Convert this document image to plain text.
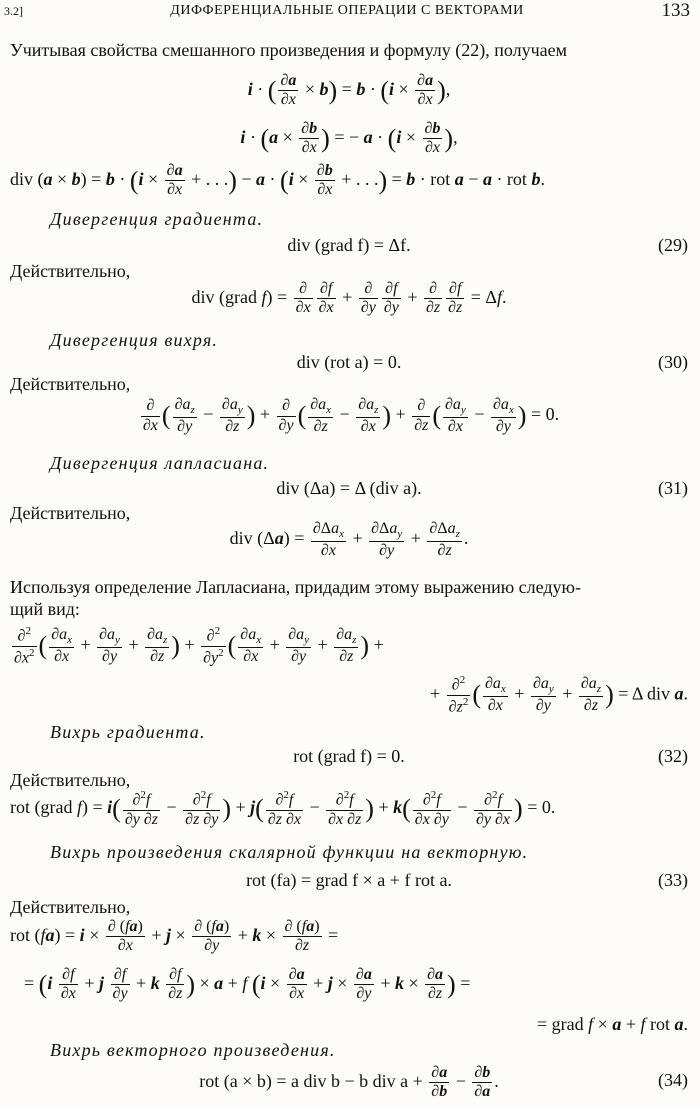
3.2]	ДИФФЕРЕНЦИАЛЬНЫЕ ОПЕРАЦИИ С ВЕКТОРАМИ	133
Учитывая свойства смешанного произведения и формулу (22), получаем
i · ( $\frac{\partial a}{\partial x} \times b) = b \cdot (i \times \frac{\partial a}{\partial x}$ ),
$i \cdot (a \times \frac{\partial b}{\partial x}$ ) = − $a \cdot (i \times \frac{\partial b}{\partial x}$ ),
div $(a \times b) = b \cdot (i \times \frac{\partial a}{\partial x}$ + . . .) − $a \cdot (i \times \frac{\partial b}{\partial x}$ + . . .) = b · rot a − a · rot b.
Дивергенция градиента.
div (grad f) = Δf.	(29)
Действительно,
div (grad f) = ∂
$\partial x \frac{\partial f}{\partial x}$ + ∂
$\partial y \frac{\partial f}{\partial y}$ + ∂
$\partial z \frac{\partial f}{\partial z} = \Delta f$.
Дивергенция вихря.
div (rot a) = 0.	(30)
Действительно,
∂
∂x ( $\frac{\partial a_z}{\partial y} - \frac{\partial a_y}{\partial z}$ ) + ∂
∂y ( $\frac{\partial a_x}{\partial z} - \frac{\partial a_z}{\partial x}$ ) + ∂
∂z ( $\frac{\partial a_y}{\partial x} - \frac{\partial a_x}{\partial y}$ ) = 0.
Дивергенция лапласиана.
div (Δa) = Δ (div a).	(31)
Действительно,
div $(\Delta a) = \partial\Delta a_x$
∂x
+ $\partial\Delta a_y$
∂y
+ $\partial\Delta a_z$
∂z
.
Используя определение Лапласиана, придадим этому выражению следую-
щий вид:
$\frac{\partial^2}{\partial x^2}$ ( $\frac{\partial a_x}{\partial x} + \frac{\partial a_y}{\partial y} + \frac{\partial a_z}{\partial z}$ ) + $\frac{\partial^2}{\partial y^2}$ ( $\frac{\partial a_x}{\partial x} + \frac{\partial a_y}{\partial y} + \frac{\partial a_z}{\partial z}$ ) +
+ $\frac{\partial^2}{\partial z^2}$ ( $\frac{\partial a_x}{\partial x} + \frac{\partial a_y}{\partial y} + \frac{\partial a_z}{\partial z}$ ) = Δ div a.
Вихрь градиента.
rot (grad f) = 0.	(32)
Действительно,
rot (grad $f) = i( \frac{\partial^2f}{\partial y \partial z} - \frac{\partial^2f}{\partial z \partial y}$ ) + $j( \frac{\partial^2f}{\partial z \partial x} - \frac{\partial^2f}{\partial x \partial z}$ ) + $k( \frac{\partial^2f}{\partial x \partial y} - \frac{\partial^2f}{\partial y \partial x}$ ) = 0.
Вихрь произведения скалярной функции на векторную.
rot (fa) = grad f × a + f rot a.	(33)
Действительно,
rot $(fa) = i \times \frac{\partial (fa)}{\partial x} + j \times \frac{\partial (fa)}{\partial y} + k \times \frac{\partial (fa)}{\partial z}$ =
= ($i \frac{\partial f}{\partial x} + j \frac{\partial f}{\partial y} + k \frac{\partial f}{\partial z}$ ) × a + f ($i \times \frac{\partial a}{\partial x} + j \times \frac{\partial a}{\partial y} + k \times \frac{\partial a}{\partial z}$ ) =
= grad f × a + f rot a.
Вихрь векторного произведения.
rot (a × b) = a div b − b div $a + \frac{\partial a}{\partial b} - \frac{\partial b}{\partial a}$ .	(34)
